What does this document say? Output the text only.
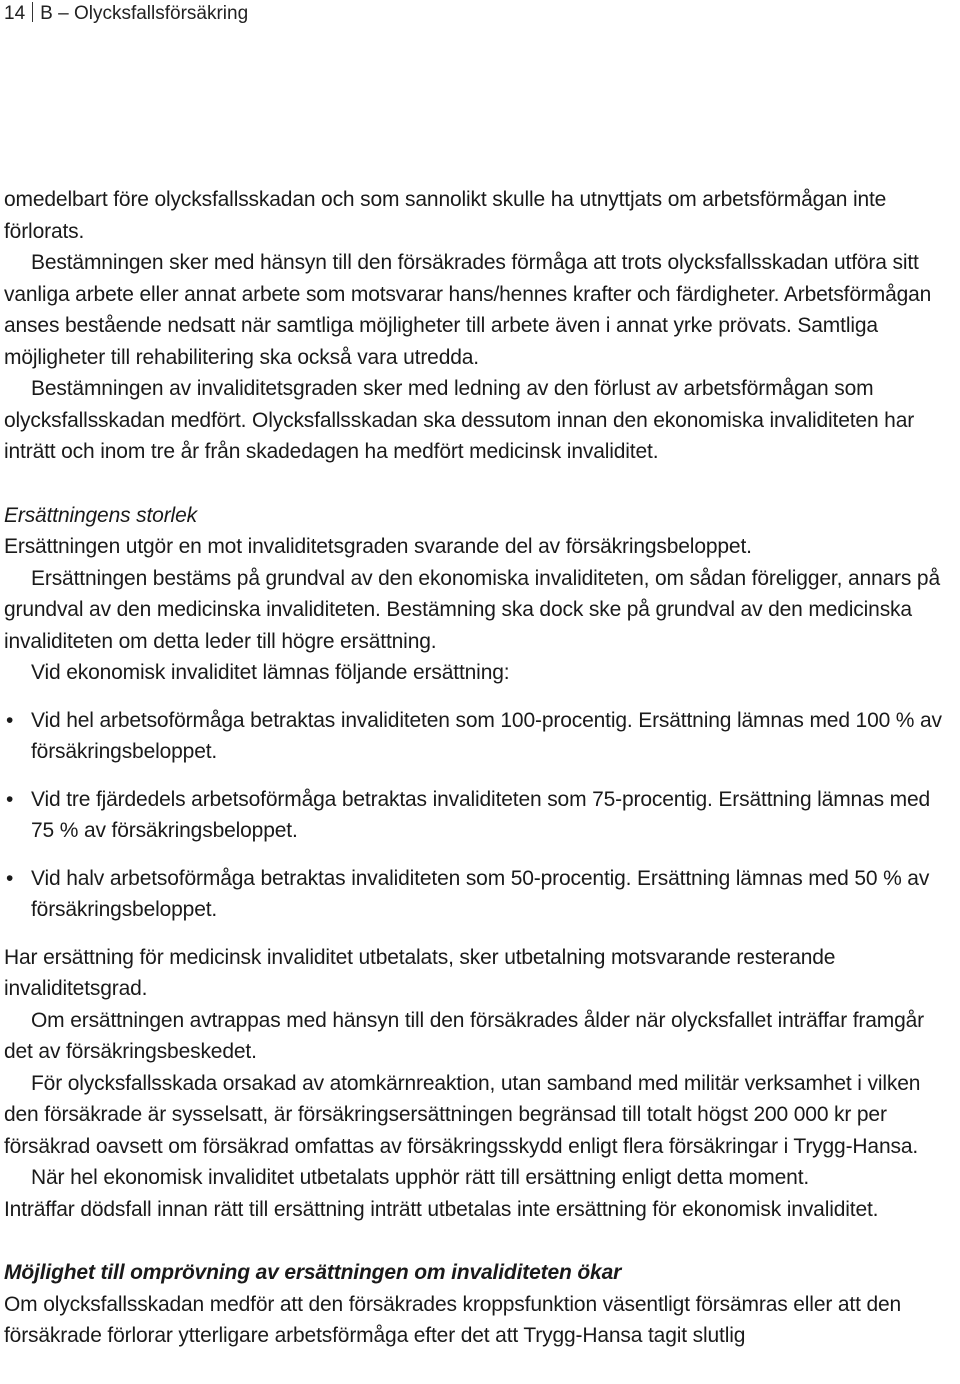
14 B – Olycksfallsförsäkring

omedelbart före olycksfallsskadan och som sannolikt skulle ha utnyttjats om arbetsförmågan inte förlorats.

Bestämningen sker med hänsyn till den försäkrades förmåga att trots olycksfallsskadan utföra sitt vanliga arbete eller annat arbete som motsvarar hans/hennes krafter och färdigheter. Arbetsförmågan anses bestående nedsatt när samtliga möjligheter till arbete även i annat yrke prövats. Samtliga möjligheter till rehabilitering ska också vara utredda.

Bestämningen av invaliditetsgraden sker med ledning av den förlust av arbetsförmågan som olycksfallsskadan medfört. Olycksfallsskadan ska dessutom innan den ekonomiska invaliditeten har inträtt och inom tre år från skadedagen ha medfört medicinsk invaliditet.

Ersättningens storlek

Ersättningen utgör en mot invaliditetsgraden svarande del av försäkringsbeloppet.

Ersättningen bestäms på grundval av den ekonomiska invaliditeten, om sådan föreligger, annars på grundval av den medicinska invaliditeten. Bestämning ska dock ske på grundval av den medicinska invaliditeten om detta leder till högre ersättning.

Vid ekonomisk invaliditet lämnas följande ersättning:

• Vid hel arbetsoförmåga betraktas invaliditeten som 100-procentig. Ersättning lämnas med 100 % av försäkringsbeloppet.
• Vid tre fjärdedels arbetsoförmåga betraktas invaliditeten som 75-procentig. Ersättning lämnas med 75 % av försäkringsbeloppet.
• Vid halv arbetsoförmåga betraktas invaliditeten som 50-procentig. Ersättning lämnas med 50 % av försäkringsbeloppet.

Har ersättning för medicinsk invaliditet utbetalats, sker utbetalning motsvarande resterande invaliditetsgrad.

Om ersättningen avtrappas med hänsyn till den försäkrades ålder när olycksfallet inträffar framgår det av försäkringsbeskedet.

För olycksfallsskada orsakad av atomkärnreaktion, utan samband med militär verksamhet i vilken den försäkrade är sysselsatt, är försäkringsersättningen begränsad till totalt högst 200 000 kr per försäkrad oavsett om försäkrad omfattas av försäkringsskydd enligt flera försäkringar i Trygg-Hansa.

När hel ekonomisk invaliditet utbetalats upphör rätt till ersättning enligt detta moment.

Inträffar dödsfall innan rätt till ersättning inträtt utbetalas inte ersättning för ekonomisk invaliditet.

Möjlighet till omprövning av ersättningen om invaliditeten ökar

Om olycksfallsskadan medför att den försäkrades kroppsfunktion väsentligt försämras eller att den försäkrade förlorar ytterligare arbetsförmåga efter det att Trygg-Hansa tagit slutlig
